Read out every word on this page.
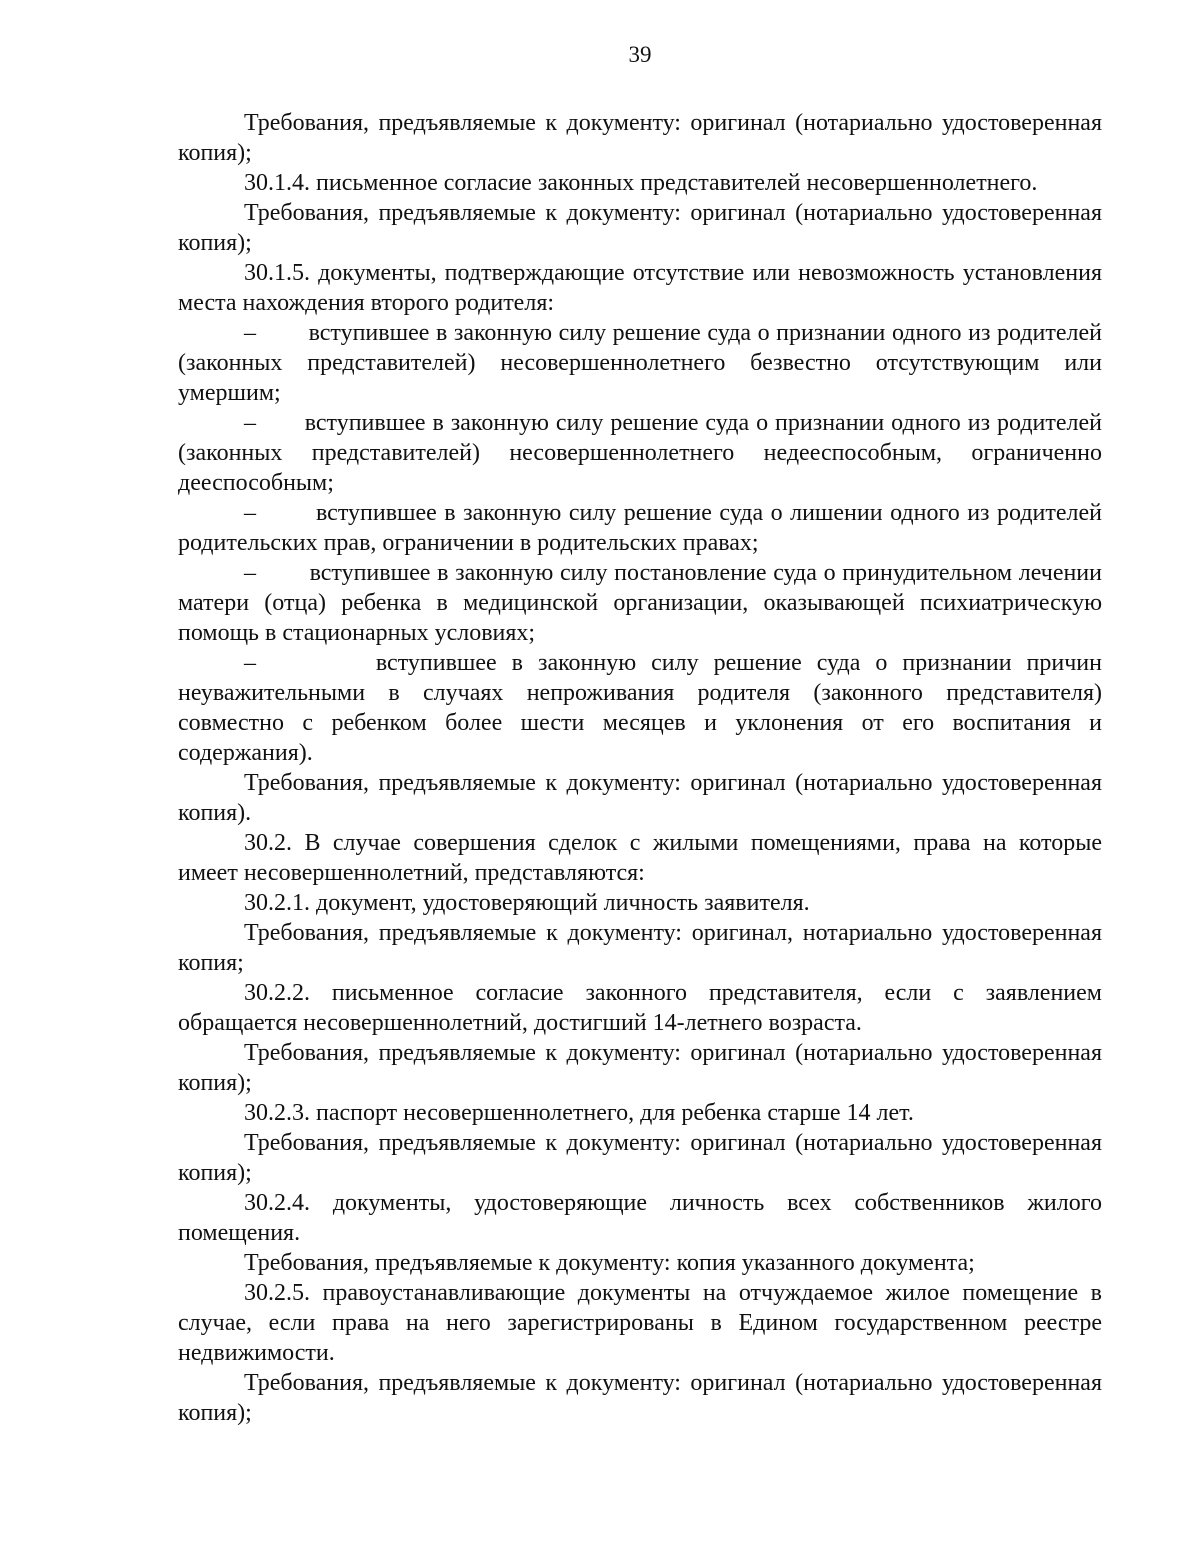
39

Требования, предъявляемые к документу: оригинал (нотариально удостоверенная копия);

30.1.4. письменное согласие законных представителей несовершеннолетнего.

Требования, предъявляемые к документу: оригинал (нотариально удостоверенная копия);

30.1.5. документы, подтверждающие отсутствие или невозможность установления места нахождения второго родителя:

–        вступившее в законную силу решение суда о признании одного из родителей (законных представителей) несовершеннолетнего безвестно отсутствующим или умершим;

–       вступившее в законную силу решение суда о признании одного из родителей (законных представителей) несовершеннолетнего недееспособным, ограниченно дееспособным;

–        вступившее в законную силу решение суда о лишении одного из родителей родительских прав, ограничении в родительских правах;

–        вступившее в законную силу постановление суда о принудительном лечении матери (отца) ребенка в медицинской организации, оказывающей психиатрическую помощь в стационарных условиях;

–        вступившее в законную силу решение суда о признании причин неуважительными в случаях непроживания родителя (законного представителя) совместно с ребенком более шести месяцев и уклонения от его воспитания и содержания).

Требования, предъявляемые к документу: оригинал (нотариально удостоверенная копия).

30.2. В случае совершения сделок с жилыми помещениями, права на которые имеет несовершеннолетний, представляются:

30.2.1. документ, удостоверяющий личность заявителя.

Требования, предъявляемые к документу: оригинал, нотариально удостоверенная копия;

30.2.2. письменное согласие законного представителя, если с заявлением обращается несовершеннолетний, достигший 14-летнего возраста.

Требования, предъявляемые к документу: оригинал (нотариально удостоверенная копия);

30.2.3. паспорт несовершеннолетнего, для ребенка старше 14 лет.

Требования, предъявляемые к документу: оригинал (нотариально удостоверенная копия);

30.2.4. документы, удостоверяющие личность всех собственников жилого помещения.

Требования, предъявляемые к документу: копия указанного документа;

30.2.5. правоустанавливающие документы на отчуждаемое жилое помещение в случае, если права на него зарегистрированы в Едином государственном реестре недвижимости.

Требования, предъявляемые к документу: оригинал (нотариально удостоверенная копия);
